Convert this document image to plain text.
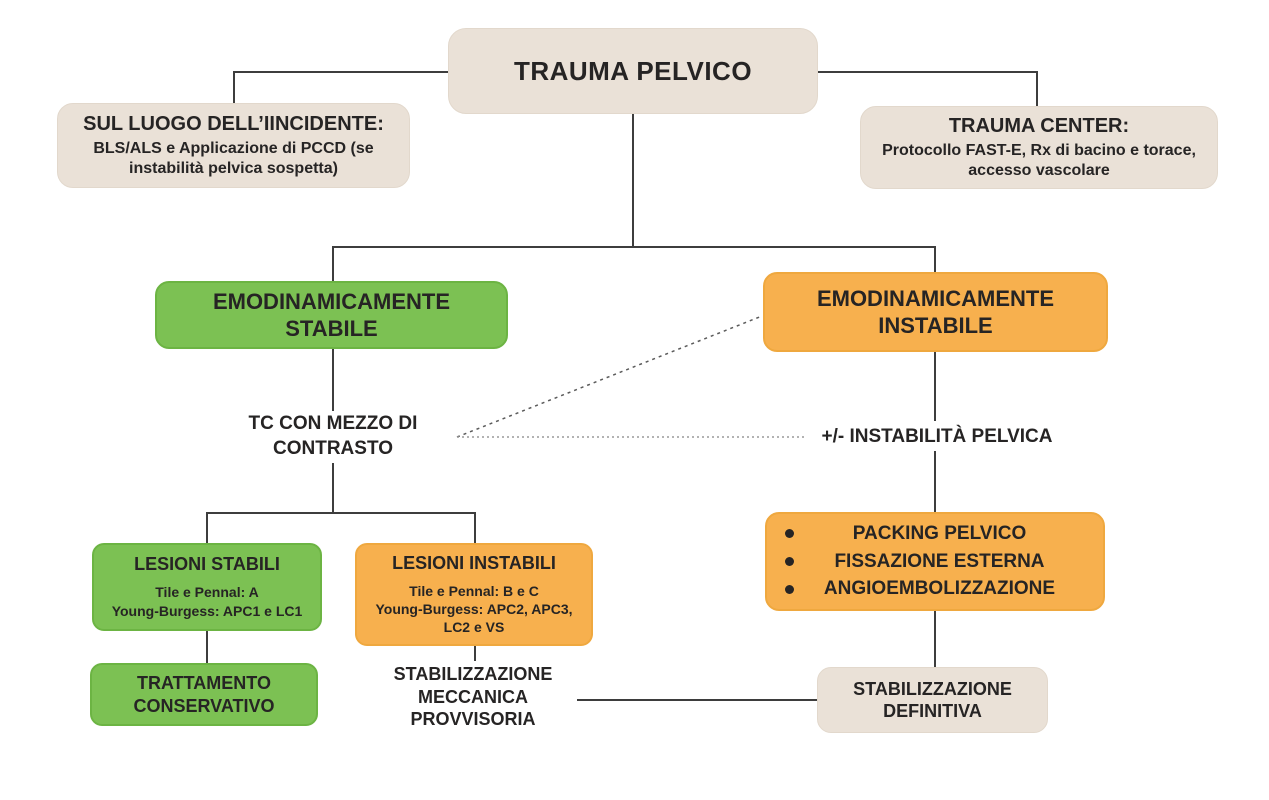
TRAUMA PELVICO
SUL LUOGO DELL’IINCIDENTE:
BLS/ALS e Applicazione di PCCD (se instabilità pelvica sospetta)
TRAUMA CENTER:
Protocollo FAST-E, Rx di bacino e torace, accesso vascolare
EMODINAMICAMENTE STABILE
EMODINAMICAMENTE INSTABILE
TC CON MEZZO DI CONTRASTO
+/- INSTABILITÀ PELVICA
LESIONI STABILI
Tile e Pennal: A
Young-Burgess: APC1 e LC1
LESIONI INSTABILI
Tile e Pennal: B e C
Young-Burgess: APC2, APC3, LC2 e VS
PACKING PELVICO
FISSAZIONE ESTERNA
ANGIOEMBOLIZZAZIONE
TRATTAMENTO CONSERVATIVO
STABILIZZAZIONE MECCANICA PROVVISORIA
STABILIZZAZIONE DEFINITIVA
